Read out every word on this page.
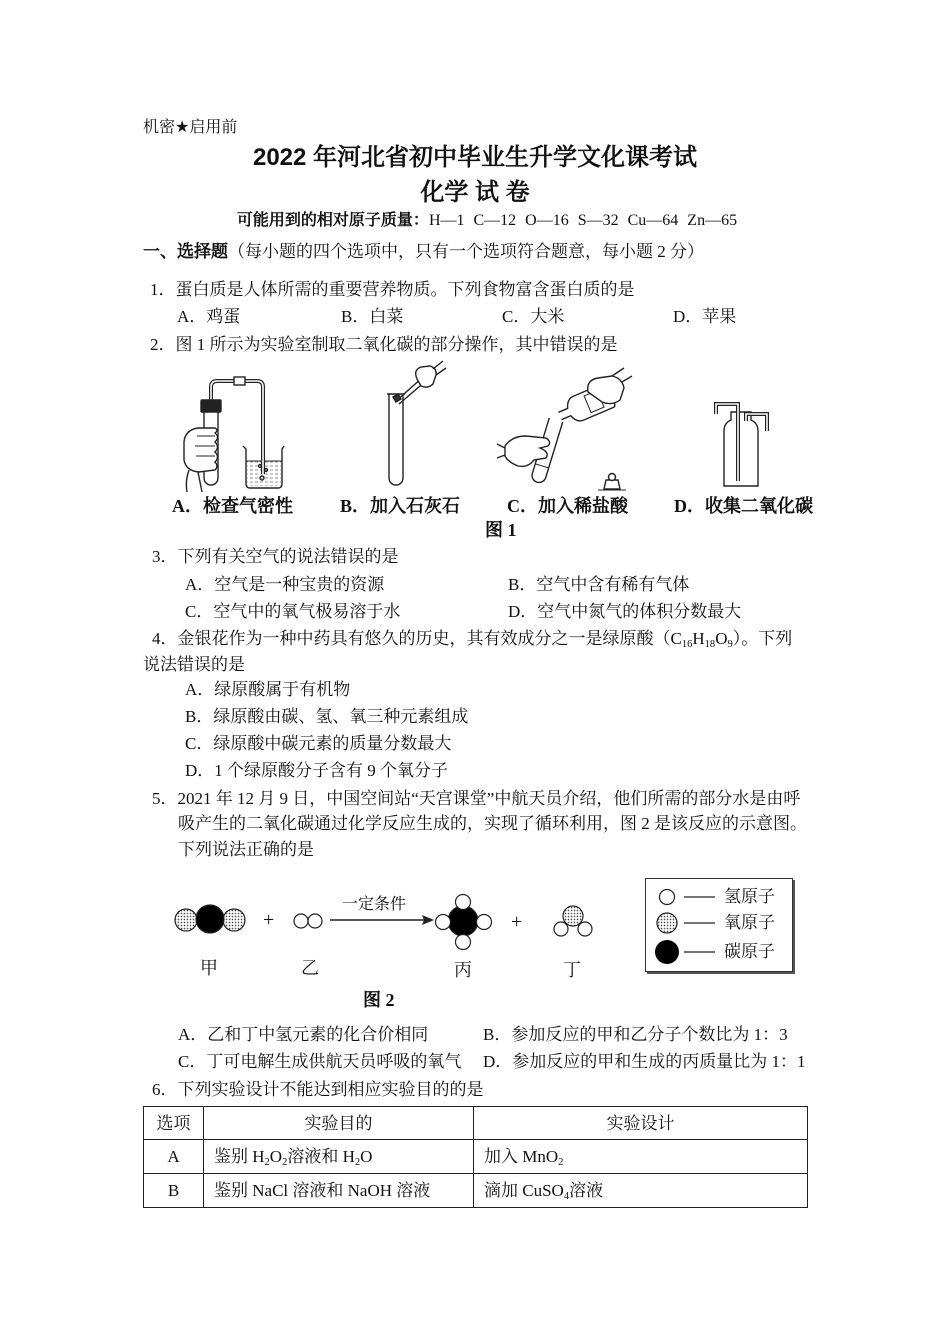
机密★启用前
2022 年河北省初中毕业生升学文化课考试
化学 试 卷
可能用到的相对原子质量：H—1 C—12 O—16 S—32 Cu—64 Zn—65
一、选择题（每小题的四个选项中，只有一个选项符合题意，每小题 2 分）
1．蛋白质是人体所需的重要营养物质。下列食物富含蛋白质的是
A．鸡蛋	B．白菜	C．大米	D．苹果
2．图 1 所示为实验室制取二氧化碳的部分操作，其中错误的是
A．检查气密性	B．加入石灰石	C．加入稀盐酸	D．收集二氧化碳
图 1
3．下列有关空气的说法错误的是
A．空气是一种宝贵的资源	B．空气中含有稀有气体
C．空气中的氧气极易溶于水	D．空气中氮气的体积分数最大
4．金银花作为一种中药具有悠久的历史，其有效成分之一是绿原酸$(C_{16}H_{18}O_9)$。下列
说法错误的是
A．绿原酸属于有机物
B．绿原酸由碳、氢、氧三种元素组成
C．绿原酸中碳元素的质量分数最大
D．1 个绿原酸分子含有 9 个氧分子
5．2021 年 12 月 9 日，中国空间站“天宫课堂”中航天员介绍，他们所需的部分水是由呼
吸产生的二氧化碳通过化学反应生成的，实现了循环利用，图 2 是该反应的示意图。
下列说法正确的是
一定条件
+	+
甲	乙	丙	丁
图 2
氢原子
氧原子
碳原子
A．乙和丁中氢元素的化合价相同	B．参加反应的甲和乙分子个数比为 1：3
C．丁可电解生成供航天员呼吸的氧气 D．参加反应的甲和生成的丙质量比为 1：1
6．下列实验设计不能达到相应实验目的的是
选项	实验目的	实验设计
A	鉴别 $H_2O_2$溶液和 $H_2O$	加入 MnO$_2$
B	鉴别 NaCl 溶液和 NaOH 溶液	滴加 CuSO$_4$溶液
